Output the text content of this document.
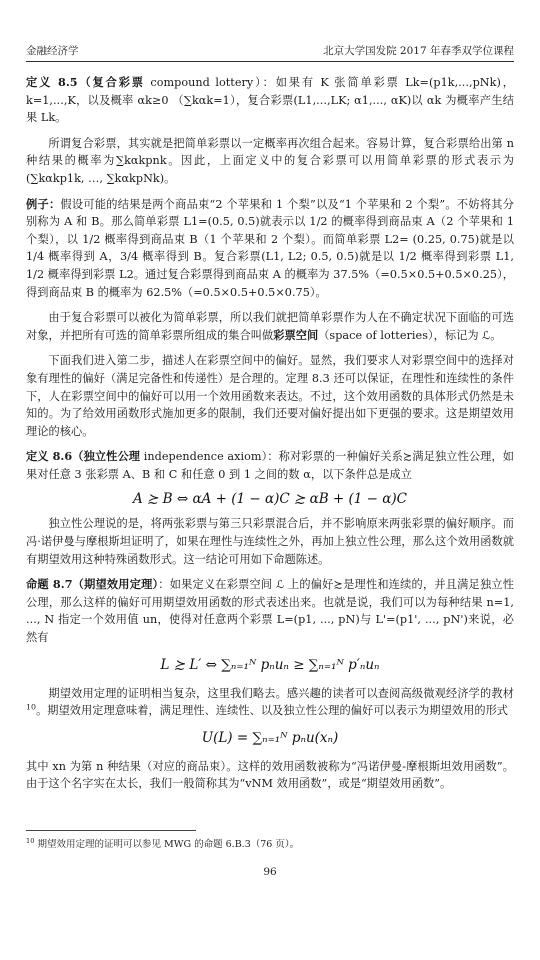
金融经济学	北京大学国发院 2017 年春季双学位课程

定义 8.5（复合彩票 compound lottery）：如果有 K 张简单彩票 Lk=(p1k,...,pNk)，k=1,...,K，以及概率 αk≥0 （∑kαk=1），复合彩票(L1,...,LK; α1,..., αK)以 αk 为概率产生结果 Lk。

所谓复合彩票，其实就是把简单彩票以一定概率再次组合起来。容易计算，复合彩票给出第 n 种结果的概率为∑kαkpnk。因此，上面定义中的复合彩票可以用简单彩票的形式表示为(∑kαkp1k, …, ∑kαkpNk)。

例子：假设可能的结果是两个商品束“2 个苹果和 1 个梨”以及“1 个苹果和 2 个梨”。不妨将其分别称为 A 和 B。那么简单彩票 L1=(0.5, 0.5)就表示以 1/2 的概率得到商品束 A（2 个苹果和 1 个梨），以 1/2 概率得到商品束 B（1 个苹果和 2 个梨）。而简单彩票 L2= (0.25, 0.75)就是以 1/4 概率得到 A，3/4 概率得到 B。复合彩票(L1, L2; 0.5, 0.5)就是以 1/2 概率得到彩票 L1, 1/2 概率得到彩票 L2。通过复合彩票得到商品束 A 的概率为 37.5%（=0.5×0.5+0.5×0.25），得到商品束 B 的概率为 62.5%（=0.5×0.5+0.5×0.75）。

由于复合彩票可以被化为简单彩票，所以我们就把简单彩票作为人在不确定状况下面临的可选对象，并把所有可选的简单彩票所组成的集合叫做彩票空间（space of lotteries），标记为 ℒ。

下面我们进入第二步，描述人在彩票空间中的偏好。显然，我们要求人对彩票空间中的选择对象有理性的偏好（满足完备性和传递性）是合理的。定理 8.3 还可以保证，在理性和连续性的条件下，人在彩票空间中的偏好可以用一个效用函数来表达。不过，这个效用函数的具体形式仍然是未知的。为了给效用函数形式施加更多的限制，我们还要对偏好提出如下更强的要求。这是期望效用理论的核心。

定义 8.6（独立性公理 independence axiom）：称对彩票的一种偏好关系≿满足独立性公理，如果对任意 3 张彩票 A、B 和 C 和任意 0 到 1 之间的数 α，以下条件总是成立

A ≿ B ⇔ αA + (1 − α)C ≿ αB + (1 − α)C

独立性公理说的是，将两张彩票与第三只彩票混合后，并不影响原来两张彩票的偏好顺序。而冯·诺伊曼与摩根斯坦证明了，如果在理性与连续性之外，再加上独立性公理，那么这个效用函数就有期望效用这种特殊函数形式。这一结论可用如下命题陈述。

命题 8.7（期望效用定理）：如果定义在彩票空间 ℒ 上的偏好≿是理性和连续的，并且满足独立性公理，那么这样的偏好可用期望效用函数的形式表述出来。也就是说，我们可以为每种结果 n=1, ..., N 指定一个效用值 un，使得对任意两个彩票 L=(p1, ..., pN)与 L'=(p1', ..., pN')来说，必然有

L ≿ L′ ⇔ ∑ₙ₌₁ᴺ pₙuₙ ≥ ∑ₙ₌₁ᴺ p′ₙuₙ

期望效用定理的证明相当复杂，这里我们略去。感兴趣的读者可以查阅高级微观经济学的教材$^{10}$。期望效用定理意味着，满足理性、连续性、以及独立性公理的偏好可以表示为期望效用的形式

U(L) = ∑ₙ₌₁ᴺ pₙu(xₙ)

其中 xn 为第 n 种结果（对应的商品束）。这样的效用函数被称为“冯诺伊曼-摩根斯坦效用函数”。由于这个名字实在太长，我们一般简称其为“vNM 效用函数”，或是“期望效用函数”。

$^{10}$ 期望效用定理的证明可以参见 MWG 的命题 6.B.3（76 页）。
96
